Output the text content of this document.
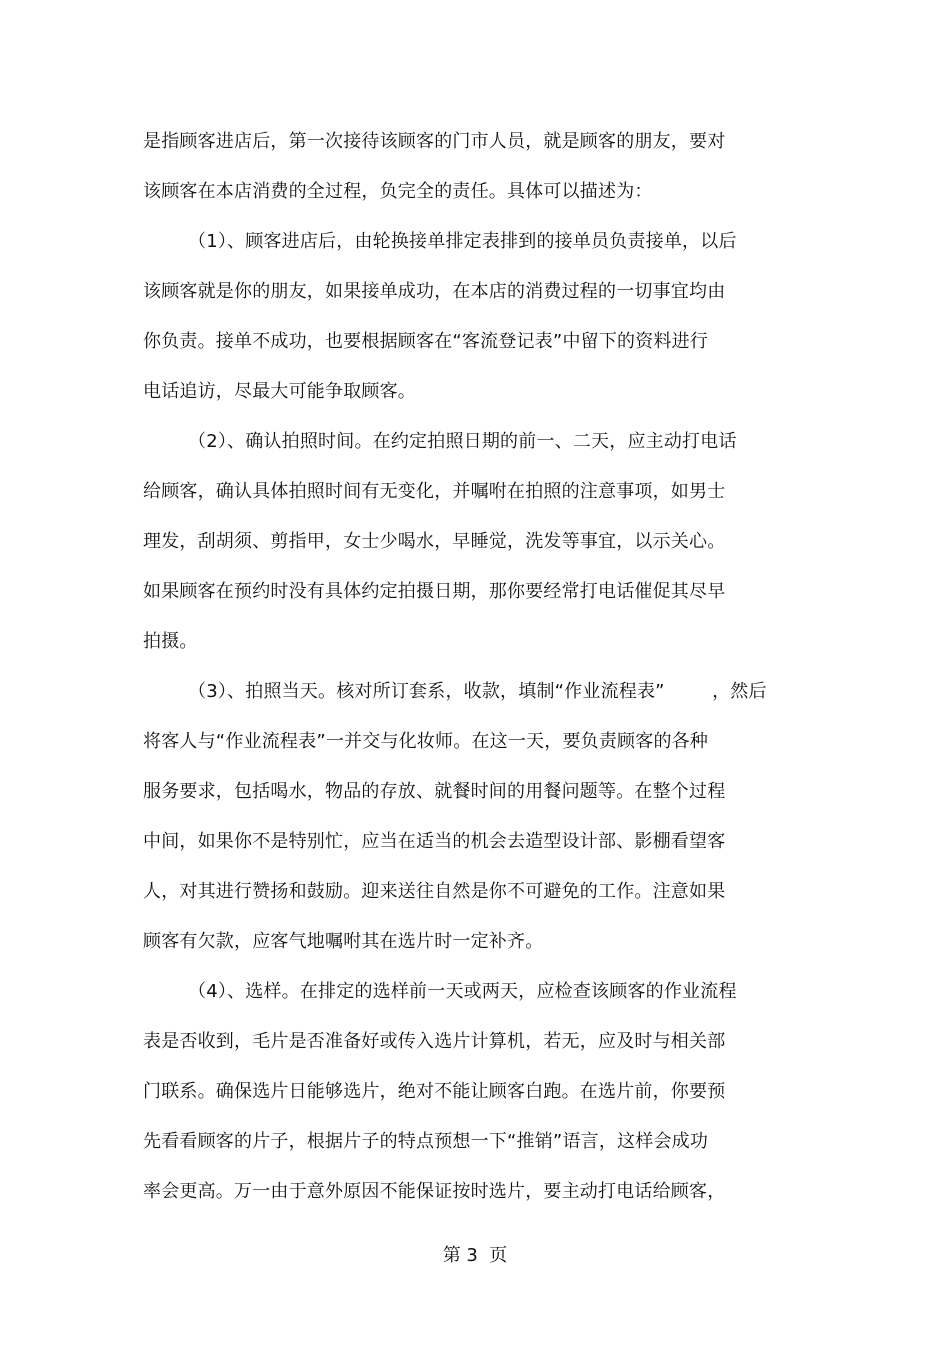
是指顾客进店后，第一次接待该顾客的门市人员，就是顾客的朋友，要对
该顾客在本店消费的全过程，负完全的责任。具体可以描述为：
（1）、顾客进店后，由轮换接单排定表排到的接单员负责接单，以后
该顾客就是你的朋友，如果接单成功，在本店的消费过程的一切事宜均由
你负责。接单不成功，也要根据顾客在“客流登记表”中留下的资料进行
电话追访，尽最大可能争取顾客。
（2）、确认拍照时间。在约定拍照日期的前一、二天，应主动打电话
给顾客，确认具体拍照时间有无变化，并嘱咐在拍照的注意事项，如男士
理发，刮胡须、剪指甲，女士少喝水，早睡觉，洗发等事宜，以示关心。
如果顾客在预约时没有具体约定拍摄日期，那你要经常打电话催促其尽早
拍摄。
（3）、拍照当天。核对所订套系，收款，填制“作业流程表”        ，然后
将客人与“作业流程表”一并交与化妆师。在这一天，要负责顾客的各种
服务要求，包括喝水，物品的存放、就餐时间的用餐问题等。在整个过程
中间，如果你不是特别忙，应当在适当的机会去造型设计部、影棚看望客
人，对其进行赞扬和鼓励。迎来送往自然是你不可避免的工作。注意如果
顾客有欠款，应客气地嘱咐其在选片时一定补齐。
（4）、选样。在排定的选样前一天或两天，应检查该顾客的作业流程
表是否收到，毛片是否准备好或传入选片计算机，若无，应及时与相关部
门联系。确保选片日能够选片，绝对不能让顾客白跑。在选片前，你要预
先看看顾客的片子，根据片子的特点预想一下“推销”语言，这样会成功
率会更高。万一由于意外原因不能保证按时选片，要主动打电话给顾客，
第 3  页
